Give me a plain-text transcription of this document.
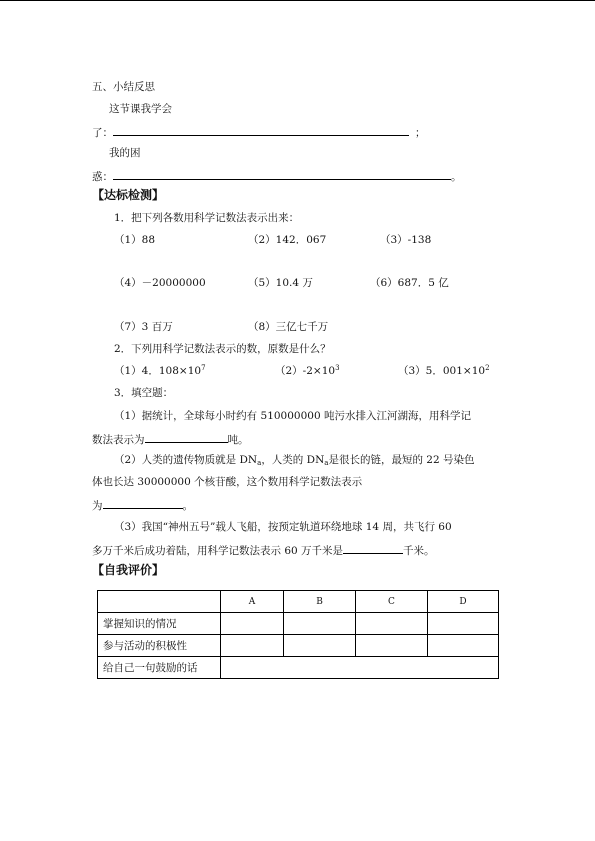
五、小结反思
这节课我学会
了：	；
我的困
惑：	。
【达标检测】
1．把下列各数用科学记数法表示出来：
（1）88	（2）142．067	（3）-138
（4）－20000000	（5）10.4 万	（6）687．5 亿
（7）3 百万	（8）三亿七千万
2．下列用科学记数法表示的数，原数是什么？
（1）4．$108\times 10^7$	$(2)-2\times 10^3$	（3）5．$001\times 10^2$
3．填空题：
（1）据统计，全球每小时约有 510000000 吨污水排入江河湖海，用科学记
数法表示为	吨。
（2）人类的遗传物质就是 $DN_a$，人类的 $DN_a$是很长的链，最短的 22 号染色
体也长达 30000000 个核苷酸，这个数用科学记数法表示
为	。
（3）我国“神州五号”载人飞船，按预定轨道环绕地球 14 周，共飞行 60
多万千米后成功着陆，用科学记数法表示 60 万千米是	千米。
【自我评价】
	A	B	C	D
掌握知识的情况				
参与活动的积极性				
给自己一句鼓励的话				
